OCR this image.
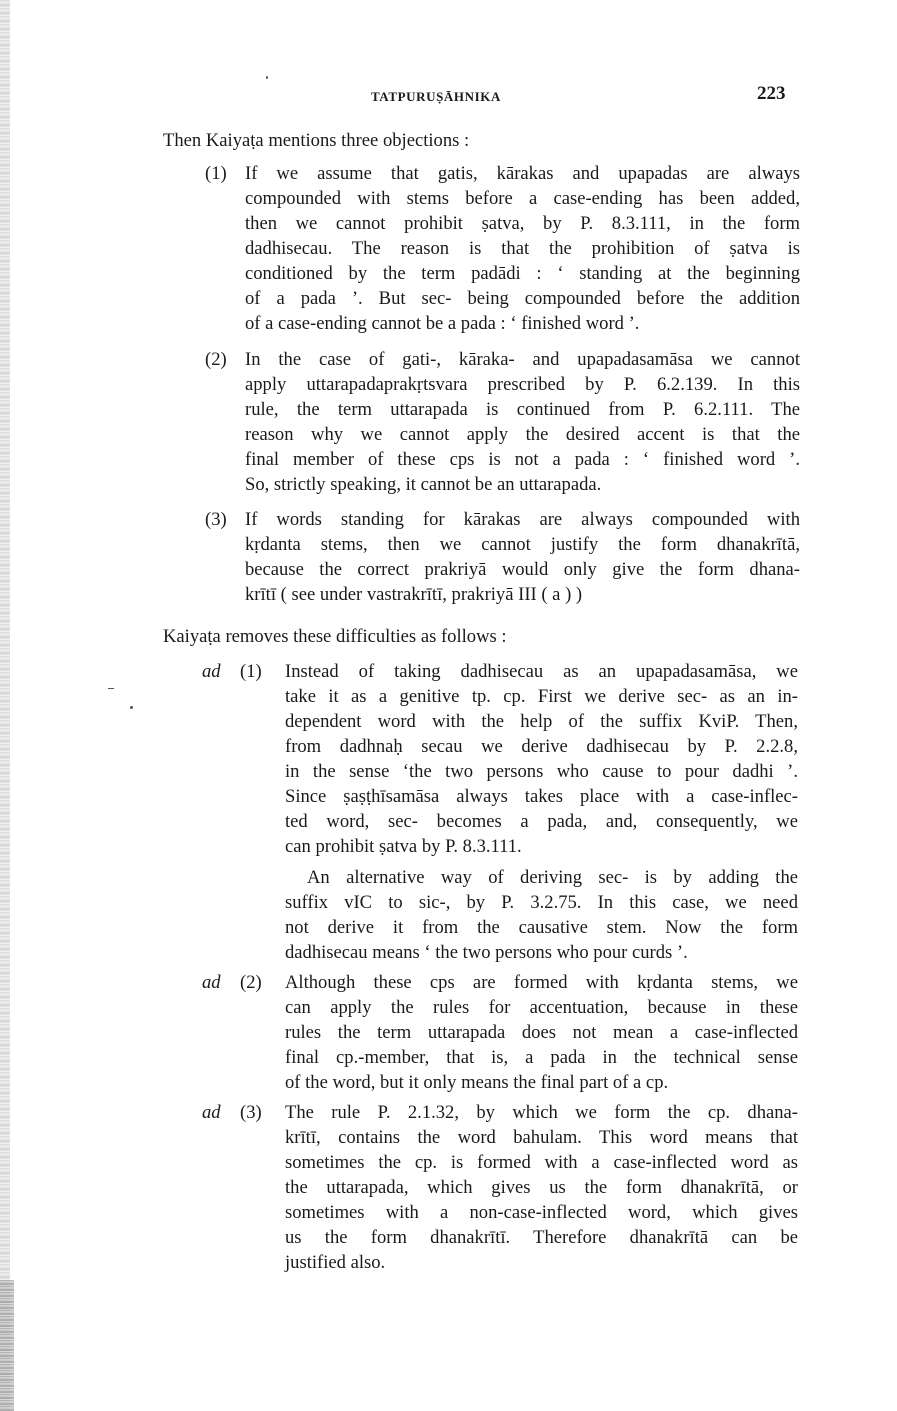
TATPURUṢĀHNIKA	223
Then Kaiyaṭa mentions three objections :
(1) If we assume that gatis, kārakas and upapadas are always
compounded with stems before a case-ending has been added,
then we cannot prohibit ṣatva, by P. 8.3.111, in the form
dadhisecau. The reason is that the prohibition of ṣatva is
conditioned by the term padādi : ‘ standing at the beginning
of a pada ’. But sec- being compounded before the addition
of a case-ending cannot be a pada : ‘ finished word ’.
(2) In the case of gati-, kāraka- and upapadasamāsa we cannot
apply uttarapadaprakṛtsvara prescribed by P. 6.2.139. In this
rule, the term uttarapada is continued from P. 6.2.111. The
reason why we cannot apply the desired accent is that the
final member of these cps is not a pada : ‘ finished word ’.
So, strictly speaking, it cannot be an uttarapada.
(3) If words standing for kārakas are always compounded with
kṛdanta stems, then we cannot justify the form dhanakrītā,
because the correct prakriyā would only give the form dhana-
krītī ( see under vastrakrītī, prakriyā III ( a ) )
Kaiyaṭa removes these difficulties as follows :
ad (1) Instead of taking dadhisecau as an upapadasamāsa, we
take it as a genitive tp. cp. First we derive sec- as an in-
dependent word with the help of the suffix KviP. Then,
from dadhnaḥ secau we derive dadhisecau by P. 2.2.8,
in the sense ‘the two persons who cause to pour dadhi ’.
Since ṣaṣṭhīsamāsa always takes place with a case-inflec-
ted word, sec- becomes a pada, and, consequently, we
can prohibit ṣatva by P. 8.3.111.
An alternative way of deriving sec- is by adding the
suffix vIC to sic-, by P. 3.2.75. In this case, we need
not derive it from the causative stem. Now the form
dadhisecau means ‘ the two persons who pour curds ’.
ad (2) Although these cps are formed with kṛdanta stems, we
can apply the rules for accentuation, because in these
rules the term uttarapada does not mean a case-inflected
final cp.-member, that is, a pada in the technical sense
of the word, but it only means the final part of a cp.
ad (3) The rule P. 2.1.32, by which we form the cp. dhana-
krītī, contains the word bahulam. This word means that
sometimes the cp. is formed with a case-inflected word as
the uttarapada, which gives us the form dhanakrītā, or
sometimes with a non-case-inflected word, which gives
us the form dhanakrītī. Therefore dhanakrītā can be
justified also.
